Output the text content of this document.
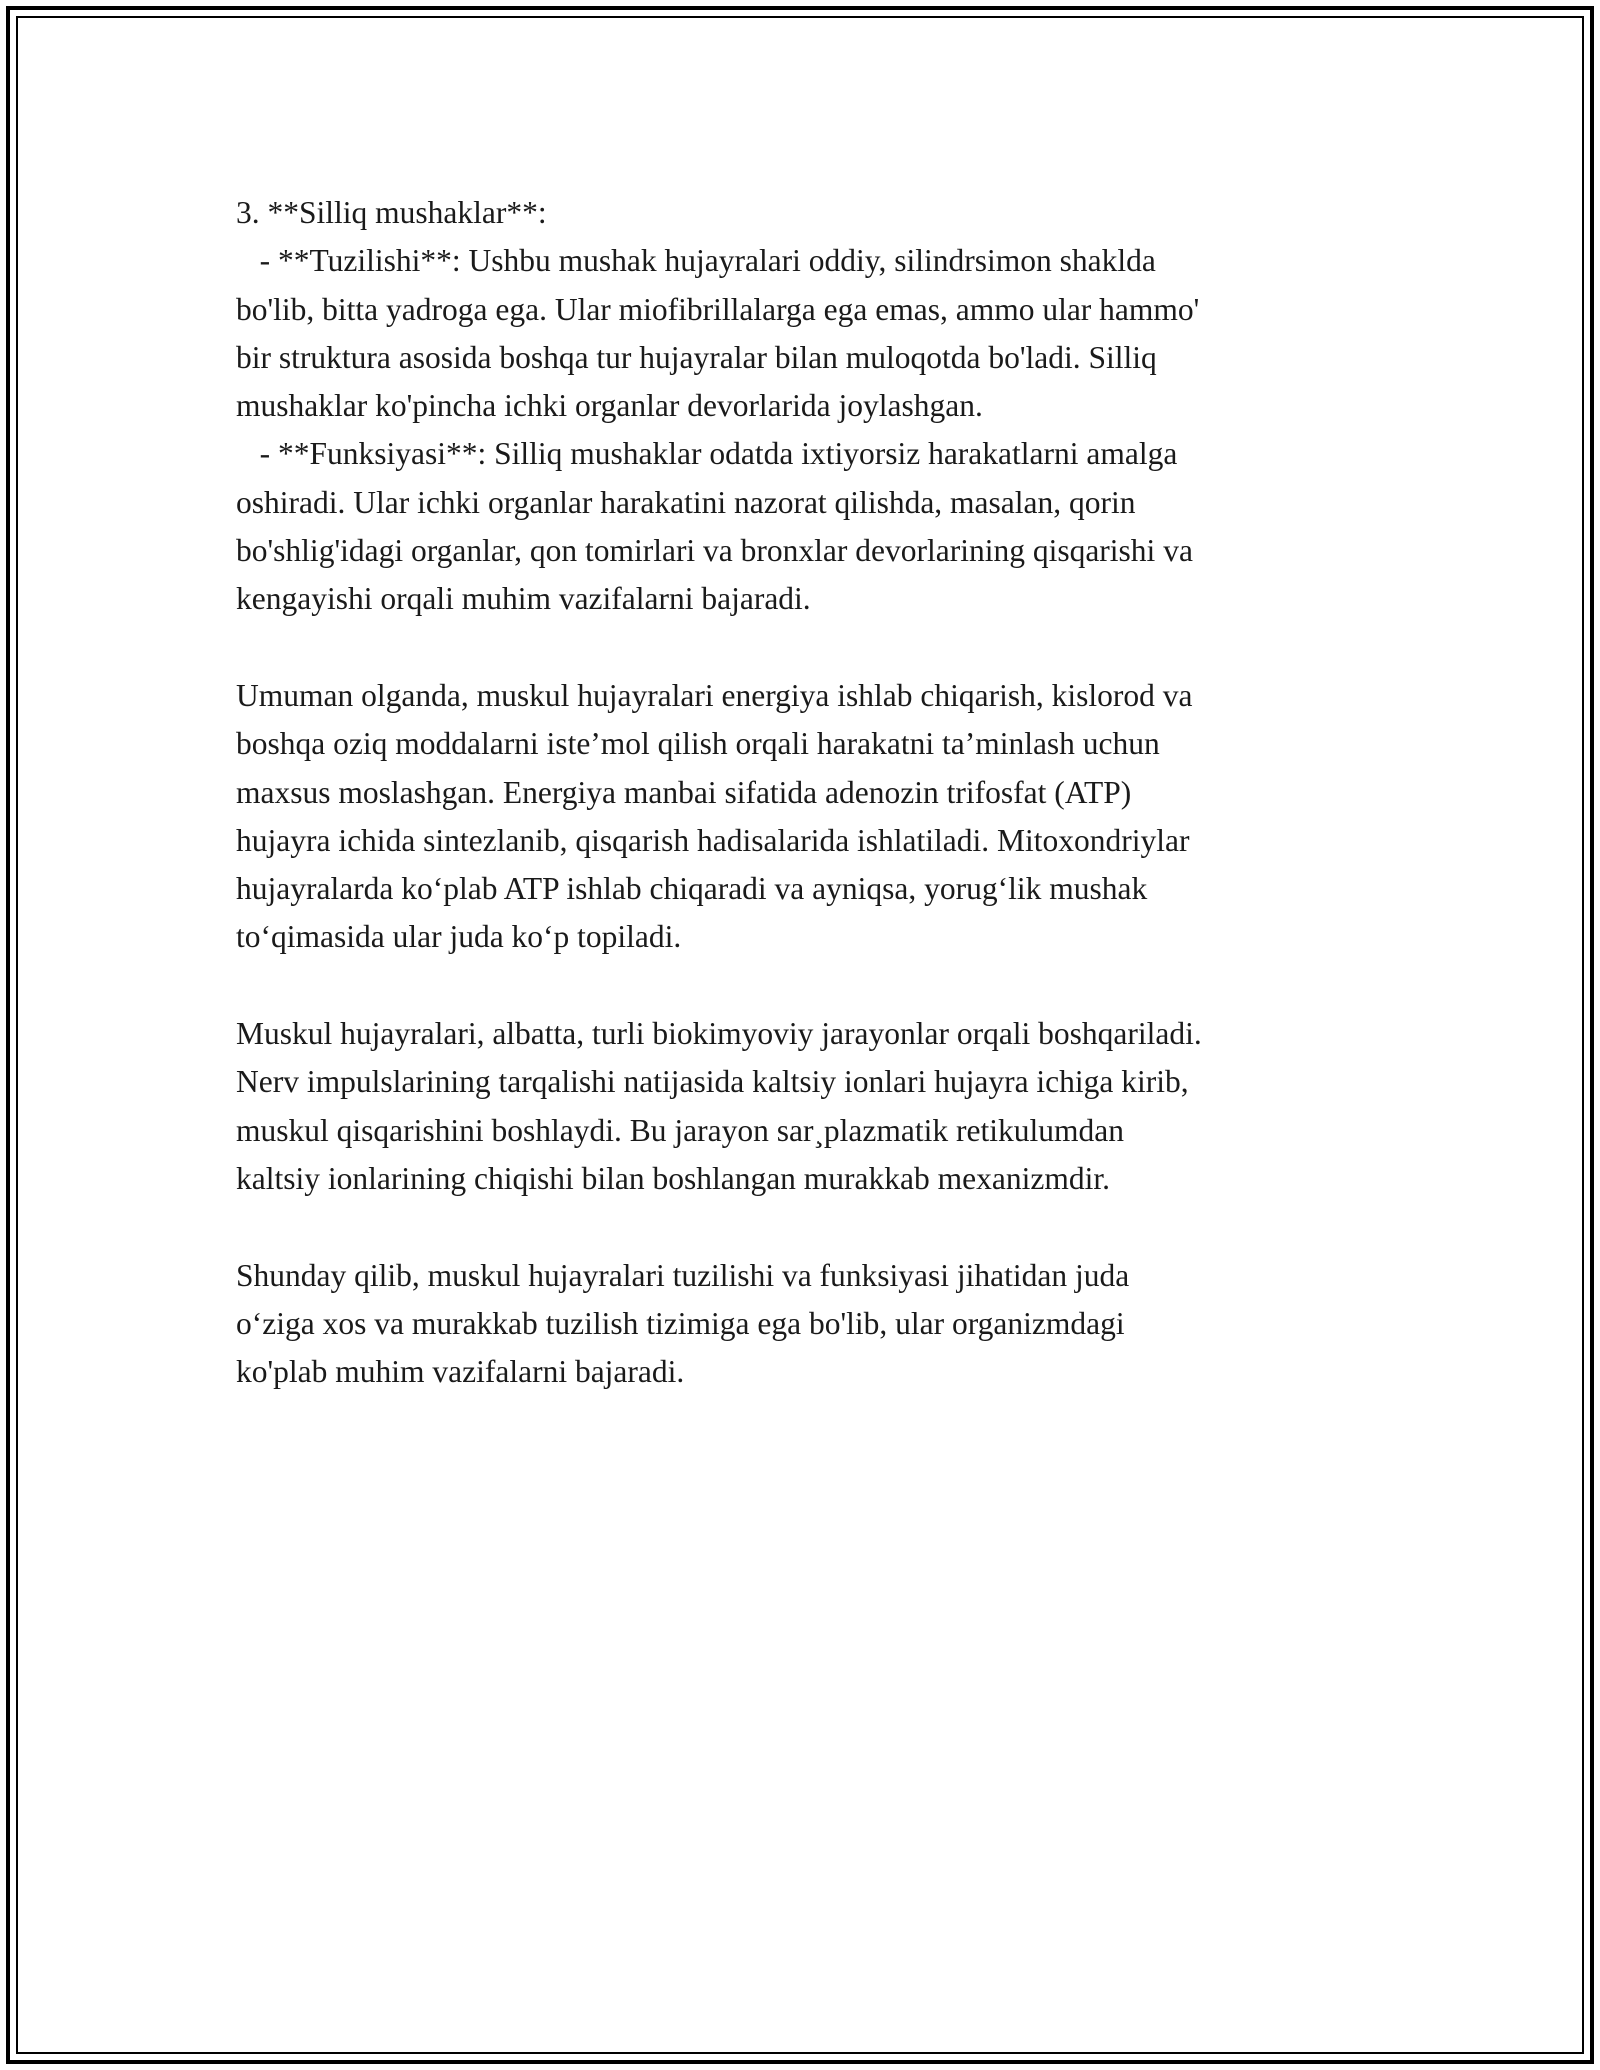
3. **Silliq mushaklar**:
- **Tuzilishi**: Ushbu mushak hujayralari oddiy, silindrsimon shaklda
bo'lib, bitta yadroga ega. Ular miofibrillalarga ega emas, ammo ular hammo'
bir struktura asosida boshqa tur hujayralar bilan muloqotda bo'ladi. Silliq
mushaklar ko'pincha ichki organlar devorlarida joylashgan.
- **Funksiyasi**: Silliq mushaklar odatda ixtiyorsiz harakatlarni amalga
oshiradi. Ular ichki organlar harakatini nazorat qilishda, masalan, qorin
bo'shlig'idagi organlar, qon tomirlari va bronxlar devorlarining qisqarishi va
kengayishi orqali muhim vazifalarni bajaradi.
Umuman olganda, muskul hujayralari energiya ishlab chiqarish, kislorod va
boshqa oziq moddalarni iste’mol qilish orqali harakatni ta’minlash uchun
maxsus moslashgan. Energiya manbai sifatida adenozin trifosfat (ATP)
hujayra ichida sintezlanib, qisqarish hadisalarida ishlatiladi. Mitoxondriylar
hujayralarda ko‘plab ATP ishlab chiqaradi va ayniqsa, yorug‘lik mushak
to‘qimasida ular juda ko‘p topiladi.
Muskul hujayralari, albatta, turli biokimyoviy jarayonlar orqali boshqariladi.
Nerv impulslarining tarqalishi natijasida kaltsiy ionlari hujayra ichiga kirib,
muskul qisqarishini boshlaydi. Bu jarayon sar¸plazmatik retikulumdan
kaltsiy ionlarining chiqishi bilan boshlangan murakkab mexanizmdir.
Shunday qilib, muskul hujayralari tuzilishi va funksiyasi jihatidan juda
o‘ziga xos va murakkab tuzilish tizimiga ega bo'lib, ular organizmdagi
ko'plab muhim vazifalarni bajaradi.
